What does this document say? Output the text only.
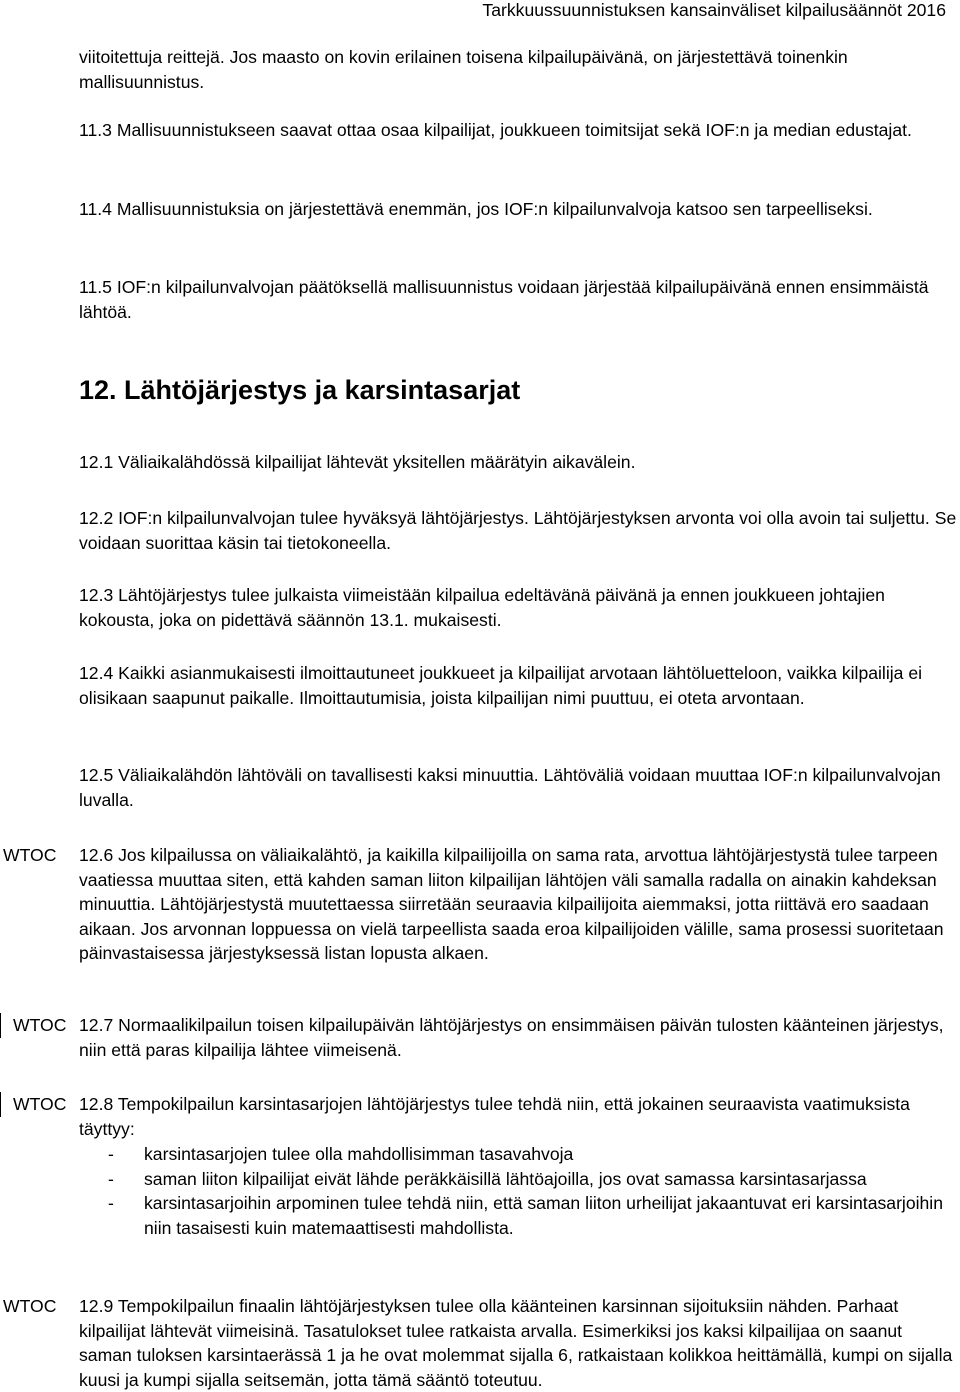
Tarkkuussuunnistuksen kansainväliset kilpailusäännöt 2016

viitoitettuja reittejä. Jos maasto on kovin erilainen toisena kilpailupäivänä, on järjestettävä toinenkin mallisuunnistus.

11.3 Mallisuunnistukseen saavat ottaa osaa kilpailijat, joukkueen toimitsijat sekä IOF:n ja median edustajat.

11.4 Mallisuunnistuksia on järjestettävä enemmän, jos IOF:n kilpailunvalvoja katsoo sen tarpeelliseksi.

11.5 IOF:n kilpailunvalvojan päätöksellä mallisuunnistus voidaan järjestää kilpailupäivänä ennen ensimmäistä lähtöä.

12. Lähtöjärjestys ja karsintasarjat

12.1 Väliaikalähdössä kilpailijat lähtevät yksitellen määrätyin aikavälein.

12.2 IOF:n kilpailunvalvojan tulee hyväksyä lähtöjärjestys. Lähtöjärjestyksen arvonta voi olla avoin tai suljettu. Se voidaan suorittaa käsin tai tietokoneella.

12.3 Lähtöjärjestys tulee julkaista viimeistään kilpailua edeltävänä päivänä ja ennen joukkueen johtajien kokousta, joka on pidettävä säännön 13.1. mukaisesti.

12.4 Kaikki asianmukaisesti ilmoittautuneet joukkueet ja kilpailijat arvotaan lähtöluetteloon, vaikka kilpailija ei olisikaan saapunut paikalle. Ilmoittautumisia, joista kilpailijan nimi puuttuu, ei oteta arvontaan.

12.5 Väliaikalähdön lähtöväli on tavallisesti kaksi minuuttia. Lähtöväliä voidaan muuttaa IOF:n kilpailunvalvojan luvalla.

WTOC 12.6 Jos kilpailussa on väliaikalähtö, ja kaikilla kilpailijoilla on sama rata, arvottua lähtöjärjestystä tulee tarpeen vaatiessa muuttaa siten, että kahden saman liiton kilpailijan lähtöjen väli samalla radalla on ainakin kahdeksan minuuttia. Lähtöjärjestystä muutettaessa siirretään seuraavia kilpailijoita aiemmaksi, jotta riittävä ero saadaan aikaan. Jos arvonnan loppuessa on vielä tarpeellista saada eroa kilpailijoiden välille, sama prosessi suoritetaan päinvastaisessa järjestyksessä listan lopusta alkaen.

WTOC 12.7 Normaalikilpailun toisen kilpailupäivän lähtöjärjestys on ensimmäisen päivän tulosten käänteinen järjestys, niin että paras kilpailija lähtee viimeisenä.

WTOC 12.8 Tempokilpailun karsintasarjojen lähtöjärjestys tulee tehdä niin, että jokainen seuraavista vaatimuksista täyttyy:

- karsintasarjojen tulee olla mahdollisimman tasavahvoja
- saman liiton kilpailijat eivät lähde peräkkäisillä lähtöajoilla, jos ovat samassa karsintasarjassa
- karsintasarjoihin arpominen tulee tehdä niin, että saman liiton urheilijat jakaantuvat eri karsintasarjoihin niin tasaisesti kuin matemaattisesti mahdollista.
WTOC 12.9 Tempokilpailun finaalin lähtöjärjestyksen tulee olla käänteinen karsinnan sijoituksiin nähden. Parhaat kilpailijat lähtevät viimeisinä. Tasatulokset tulee ratkaista arvalla. Esimerkiksi jos kaksi kilpailijaa on saanut saman tuloksen karsintaerässä 1 ja he ovat molemmat sijalla 6, ratkaistaan kolikkoa heittämällä, kumpi on sijalla kuusi ja kumpi sijalla seitsemän, jotta tämä sääntö toteutuu.
